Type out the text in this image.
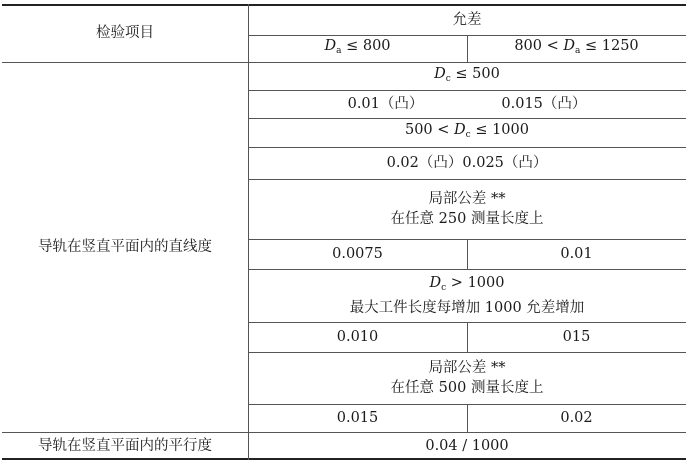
检验项目
允差
$D_a \le 800$	$800 < D_a \le 1250$
导轨在竖直平面内的直线度
$D_c \le 500$
0.01（凸）	0.015（凸）
$500 < D_c \le 1000$
0.02（凸）0.025（凸）
局部公差 **
在任意 250 测量长度上
0.0075	0.01
$D_c > 1000$
最大工件长度每增加 1000 允差增加
0.010	015
局部公差 **
在任意 500 测量长度上
0.015	0.02
导轨在竖直平面内的平行度	0.04 / 1000
